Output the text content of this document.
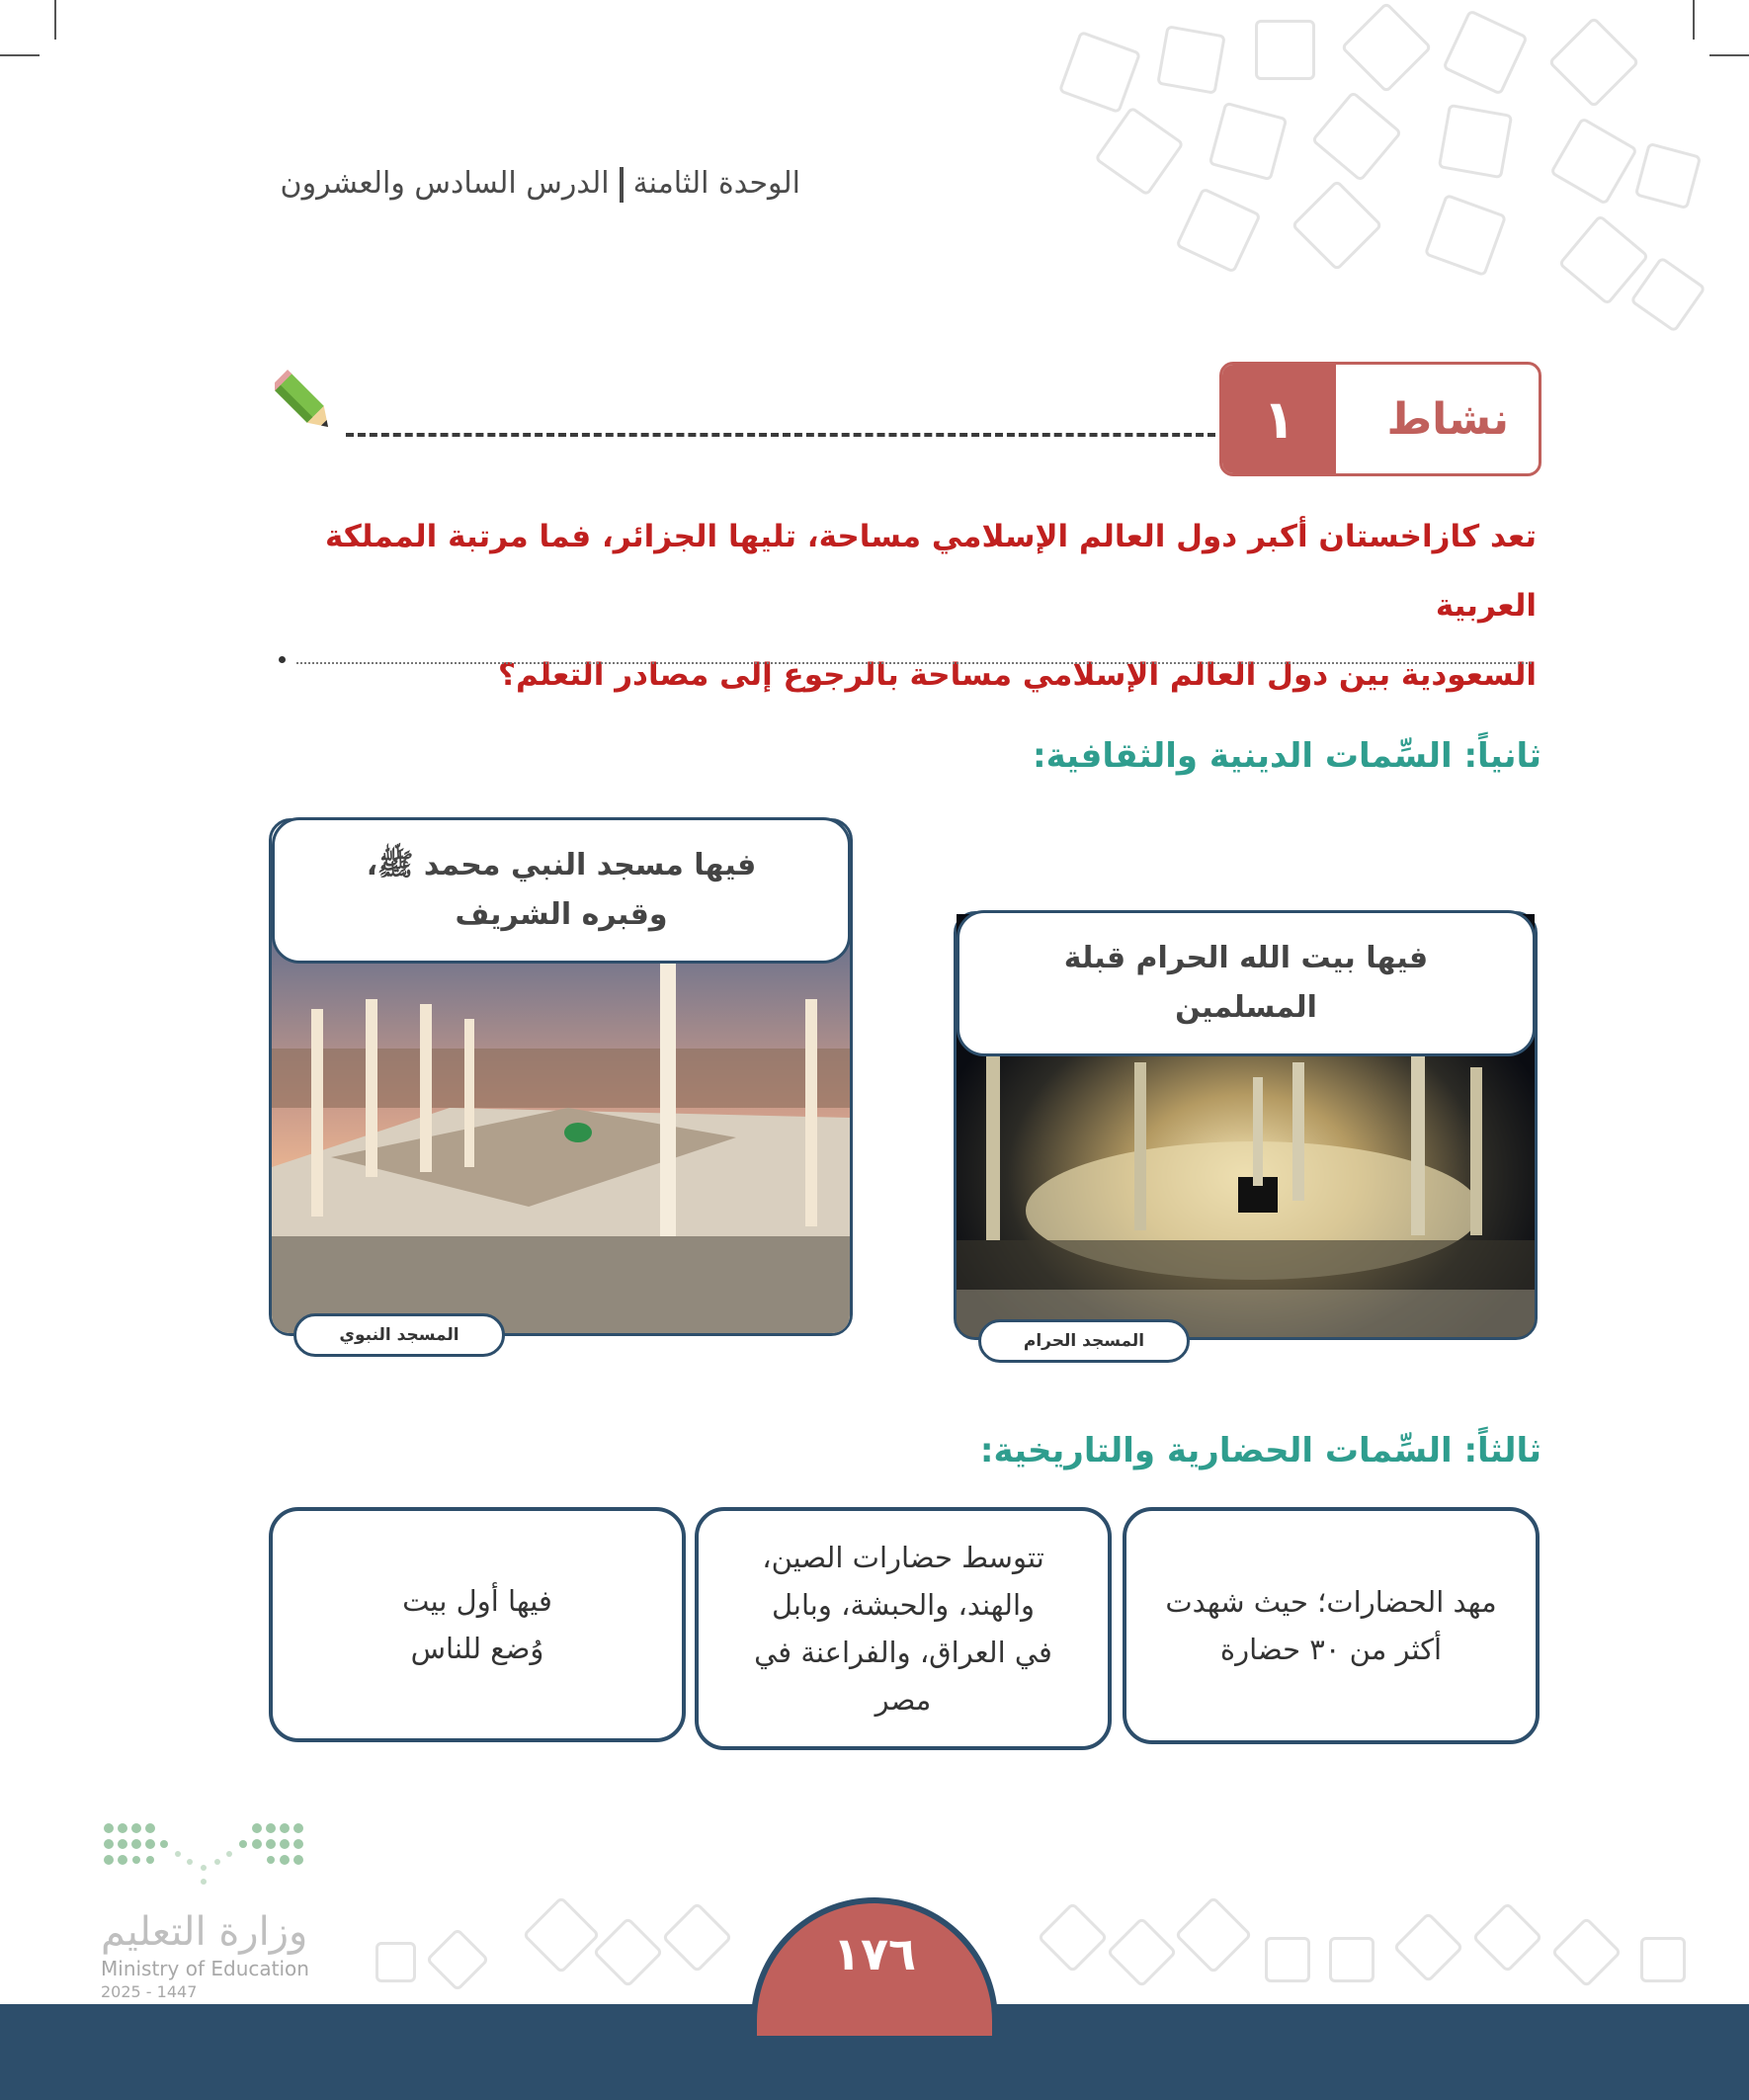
الوحدة الثامنةالدرس السادس والعشرون
١	نشاط
تعد كازاخستان أكبر دول العالم الإسلامي مساحة، تليها الجزائر، فما مرتبة المملكة العربية
السعودية بين دول العالم الإسلامي مساحة بالرجوع إلى مصادر التعلم؟
ثانياً: السِّمات الدينية والثقافية:
فيها بيت الله الحرام قبلة
المسلمين
المسجد الحرام
فيها مسجد النبي محمد ﷺ،
وقبره الشريف
المسجد النبوي
ثالثاً: السِّمات الحضارية والتاريخية:
مهد الحضارات؛ حيث شهدت
أكثر من ٣٠ حضارة
تتوسط حضارات الصين،
والهند، والحبشة، وبابل
في العراق، والفراعنة في
مصر
فيها أول بيت
وُضع للناس
وزارة التعليم
Ministry of Education
2025 - 1447
١٧٦
